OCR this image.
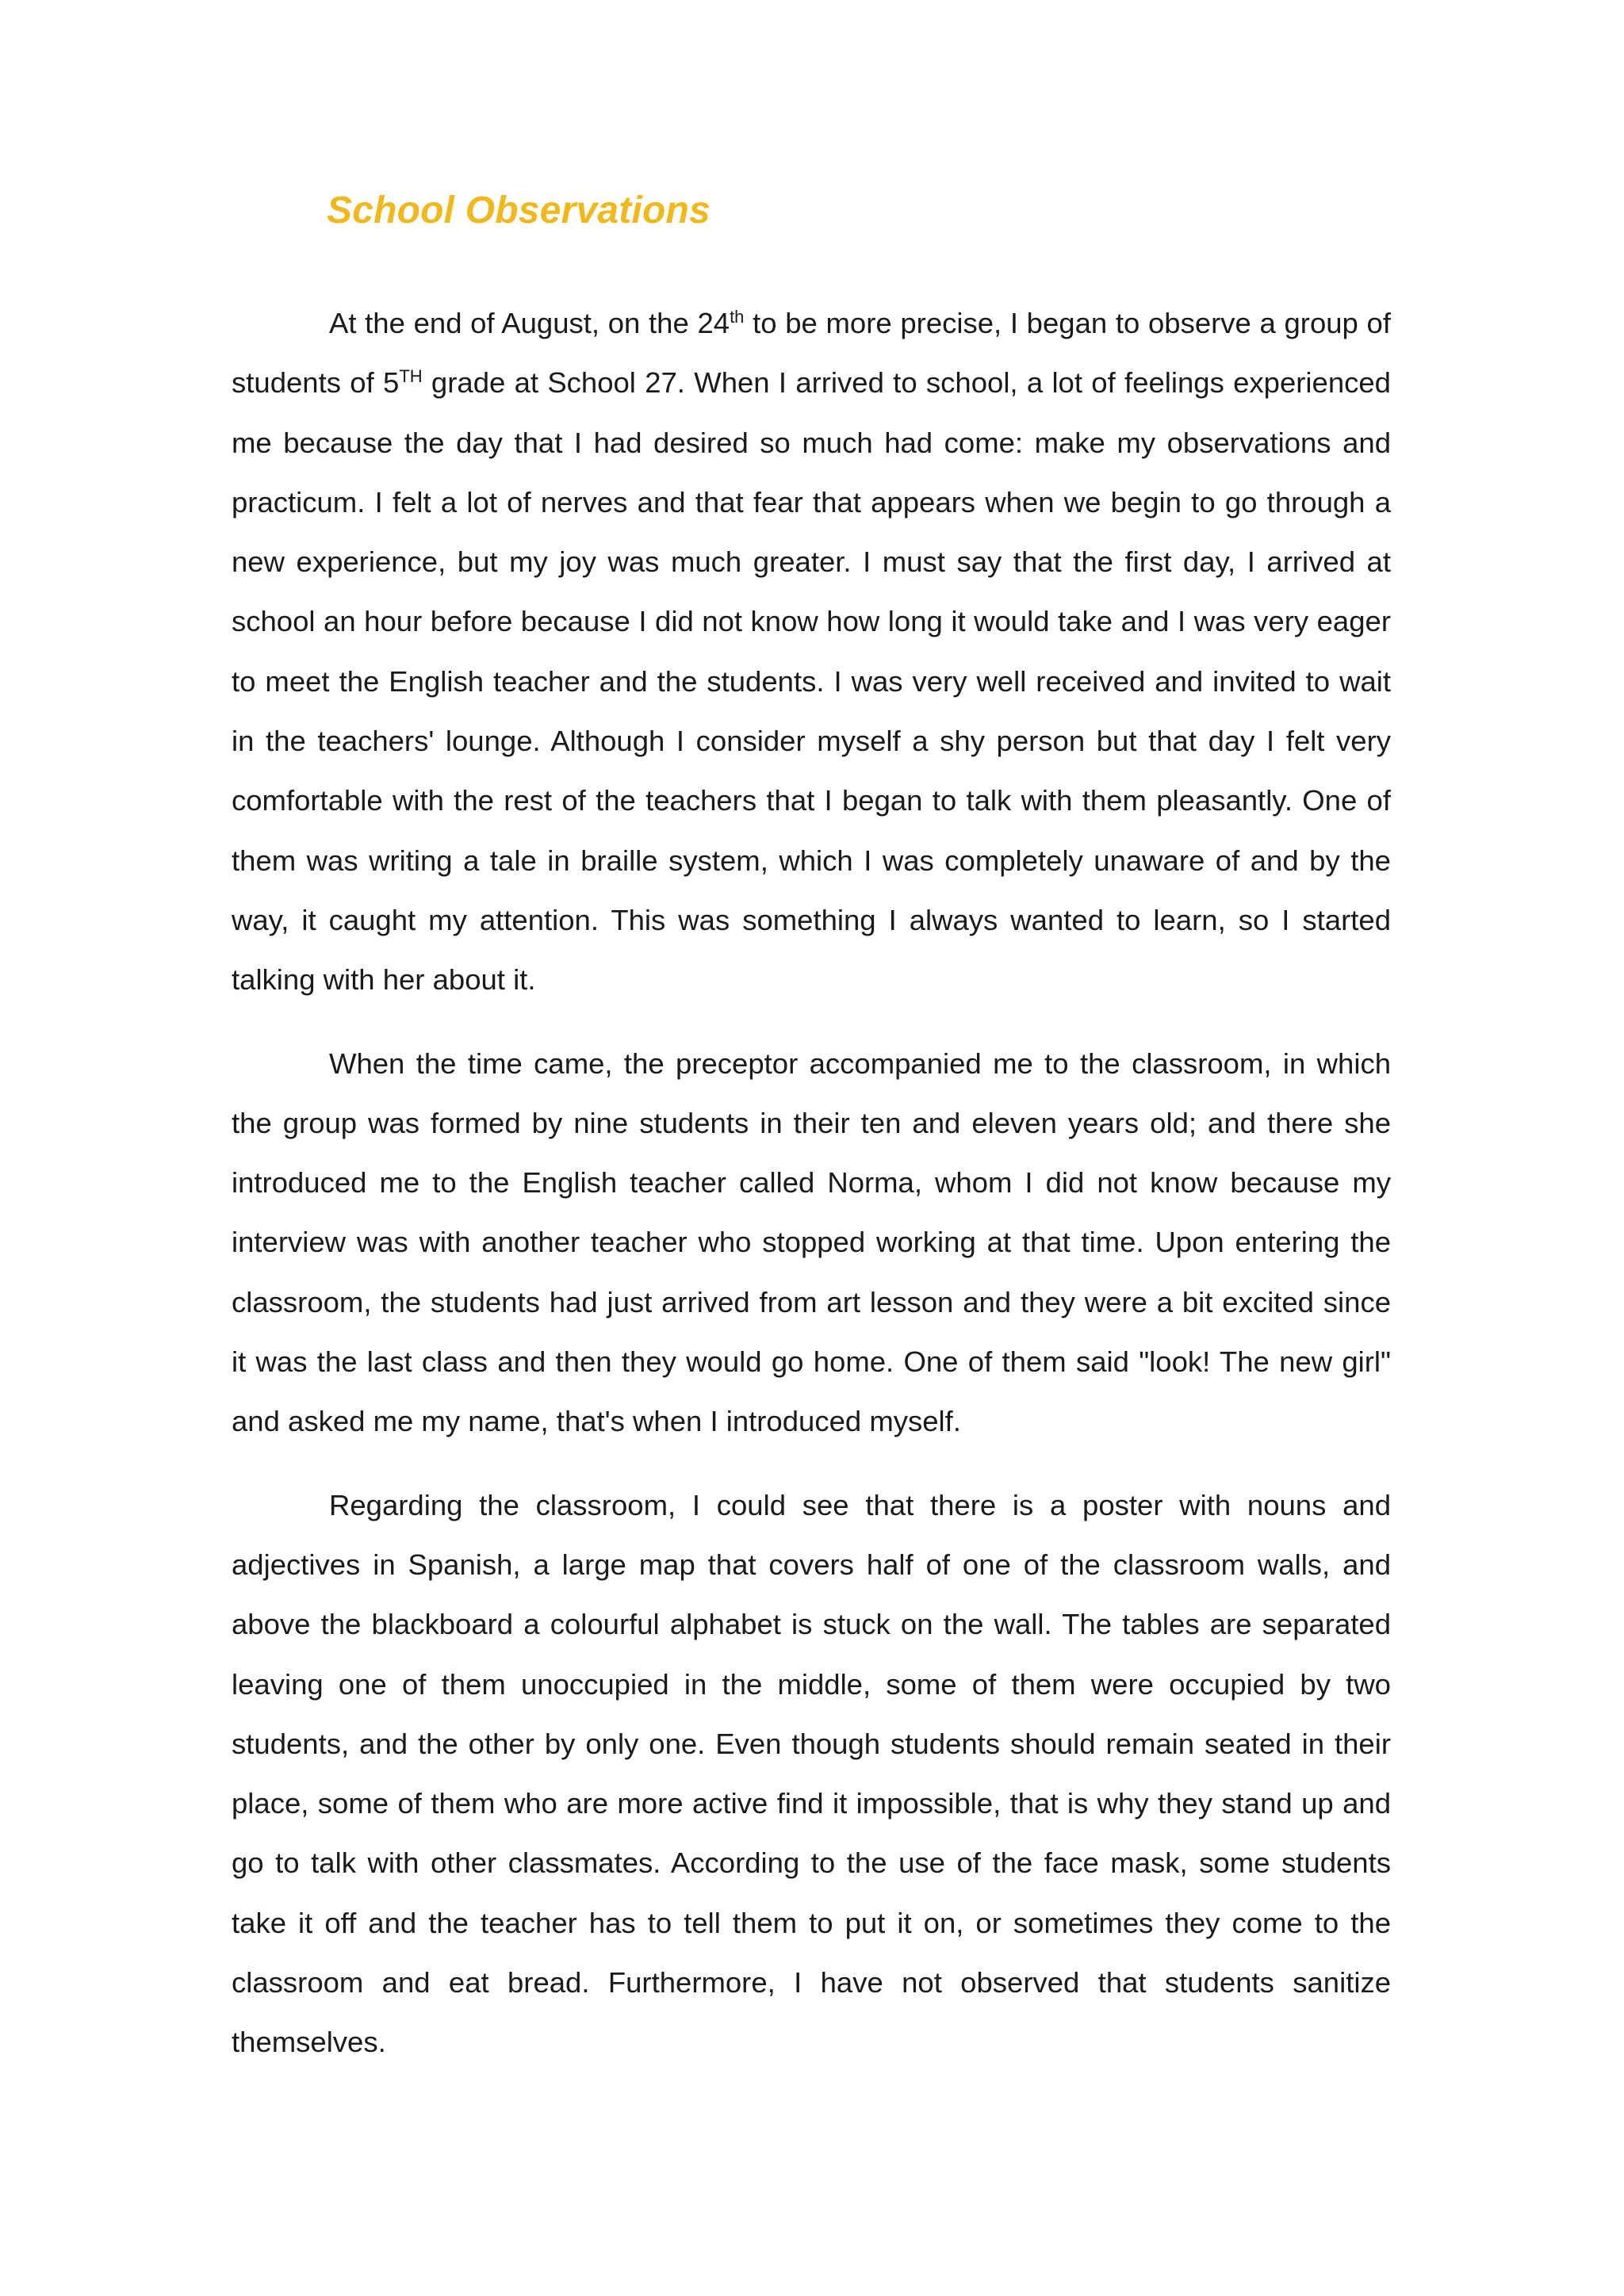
School Observations

At the end of August, on the 24th to be more precise, I began to observe a group of students of 5TH grade at School 27. When I arrived to school, a lot of feelings experienced me because the day that I had desired so much had come: make my observations and practicum. I felt a lot of nerves and that fear that appears when we begin to go through a new experience, but my joy was much greater. I must say that the first day, I arrived at school an hour before because I did not know how long it would take and I was very eager to meet the English teacher and the students. I was very well received and invited to wait in the teachers' lounge. Although I consider myself a shy person but that day I felt very comfortable with the rest of the teachers that I began to talk with them pleasantly. One of them was writing a tale in braille system, which I was completely unaware of and by the way, it caught my attention. This was something I always wanted to learn, so I started talking with her about it.

When the time came, the preceptor accompanied me to the classroom, in which the group was formed by nine students in their ten and eleven years old; and there she introduced me to the English teacher called Norma, whom I did not know because my interview was with another teacher who stopped working at that time. Upon entering the classroom, the students had just arrived from art lesson and they were a bit excited since it was the last class and then they would go home. One of them said "look! The new girl" and asked me my name, that's when I introduced myself.

Regarding the classroom, I could see that there is a poster with nouns and adjectives in Spanish, a large map that covers half of one of the classroom walls, and above the blackboard a colourful alphabet is stuck on the wall. The tables are separated leaving one of them unoccupied in the middle, some of them were occupied by two students, and the other by only one. Even though students should remain seated in their place, some of them who are more active find it impossible, that is why they stand up and go to talk with other classmates. According to the use of the face mask, some students take it off and the teacher has to tell them to put it on, or sometimes they come to the classroom and eat bread. Furthermore, I have not observed that students sanitize themselves.
